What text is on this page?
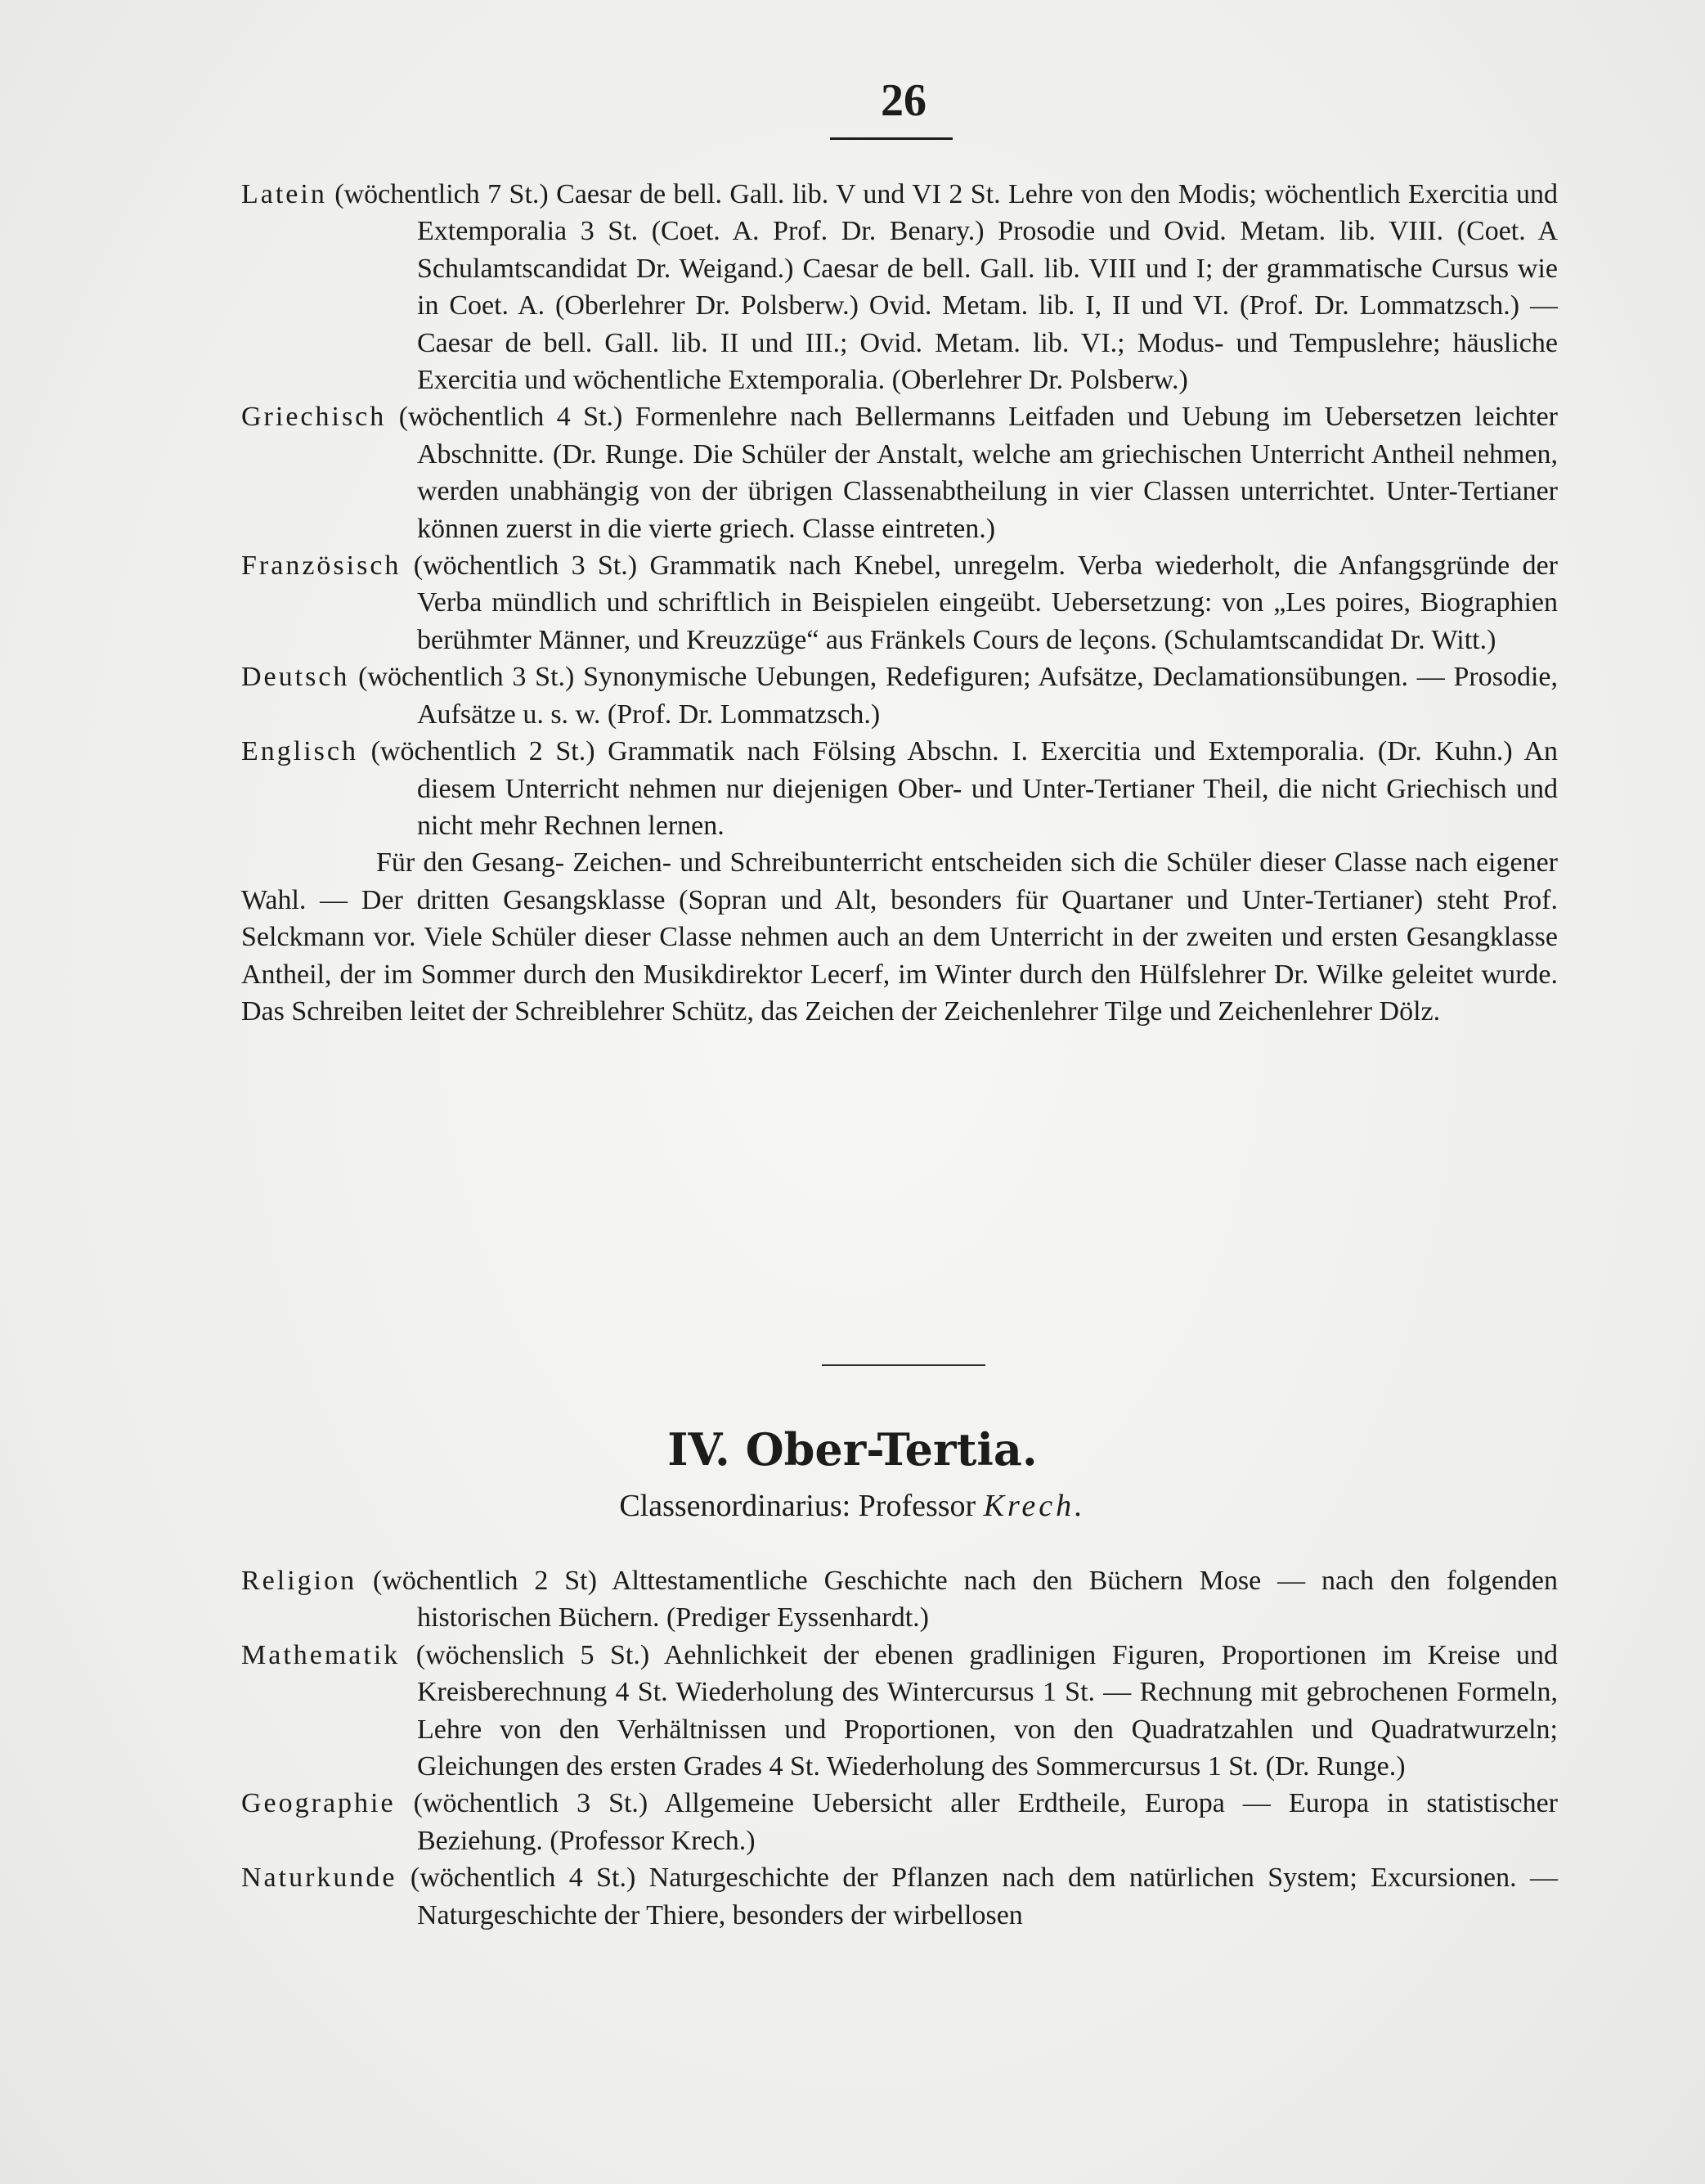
26

Latein (wöchentlich 7 St.) Caesar de bell. Gall. lib. V und VI 2 St. Lehre von den Modis; wöchentlich Exercitia und Extemporalia 3 St. (Coet. A. Prof. Dr. Benary.) Prosodie und Ovid. Metam. lib. VIII. (Coet. A Schulamtscandidat Dr. Weigand.) Caesar de bell. Gall. lib. VIII und I; der grammatische Cursus wie in Coet. A. (Oberlehrer Dr. Polsberw.) Ovid. Metam. lib. I, II und VI. (Prof. Dr. Lommatzsch.) — Caesar de bell. Gall. lib. II und III.; Ovid. Metam. lib. VI.; Modus- und Tempuslehre; häusliche Exercitia und wöchentliche Extemporalia. (Oberlehrer Dr. Polsberw.)

Griechisch (wöchentlich 4 St.) Formenlehre nach Bellermanns Leitfaden und Uebung im Uebersetzen leichter Abschnitte. (Dr. Runge. Die Schüler der Anstalt, welche am griechischen Unterricht Antheil nehmen, werden unabhängig von der übrigen Classenabtheilung in vier Classen unterrichtet. Unter-Tertianer können zuerst in die vierte griech. Classe eintreten.)

Französisch (wöchentlich 3 St.) Grammatik nach Knebel, unregelm. Verba wiederholt, die Anfangsgründe der Verba mündlich und schriftlich in Beispielen eingeübt. Uebersetzung: von „Les poires, Biographien berühmter Männer, und Kreuzzüge“ aus Fränkels Cours de leçons. (Schulamtscandidat Dr. Witt.)

Deutsch (wöchentlich 3 St.) Synonymische Uebungen, Redefiguren; Aufsätze, Declamationsübungen. — Prosodie, Aufsätze u. s. w. (Prof. Dr. Lommatzsch.)

Englisch (wöchentlich 2 St.) Grammatik nach Fölsing Abschn. I. Exercitia und Extemporalia. (Dr. Kuhn.) An diesem Unterricht nehmen nur diejenigen Ober- und Unter-Tertianer Theil, die nicht Griechisch und nicht mehr Rechnen lernen.

Für den Gesang- Zeichen- und Schreibunterricht entscheiden sich die Schüler dieser Classe nach eigener Wahl. — Der dritten Gesangsklasse (Sopran und Alt, besonders für Quartaner und Unter-Tertianer) steht Prof. Selckmann vor. Viele Schüler dieser Classe nehmen auch an dem Unterricht in der zweiten und ersten Gesangklasse Antheil, der im Sommer durch den Musikdirektor Lecerf, im Winter durch den Hülfslehrer Dr. Wilke geleitet wurde. Das Schreiben leitet der Schreiblehrer Schütz, das Zeichen der Zeichenlehrer Tilge und Zeichenlehrer Dölz.

IV. Ober-Tertia.
Classenordinarius: Professor Krech.

Religion (wöchentlich 2 St) Alttestamentliche Geschichte nach den Büchern Mose — nach den folgenden historischen Büchern. (Prediger Eyssenhardt.)

Mathematik (wöchenslich 5 St.) Aehnlichkeit der ebenen gradlinigen Figuren, Proportionen im Kreise und Kreisberechnung 4 St. Wiederholung des Wintercursus 1 St. — Rechnung mit gebrochenen Formeln, Lehre von den Verhältnissen und Proportionen, von den Quadratzahlen und Quadratwurzeln; Gleichungen des ersten Grades 4 St. Wiederholung des Sommercursus 1 St. (Dr. Runge.)

Geographie (wöchentlich 3 St.) Allgemeine Uebersicht aller Erdtheile, Europa — Europa in statistischer Beziehung. (Professor Krech.)

Naturkunde (wöchentlich 4 St.) Naturgeschichte der Pflanzen nach dem natürlichen System; Excursionen. — Naturgeschichte der Thiere, besonders der wirbellosen
